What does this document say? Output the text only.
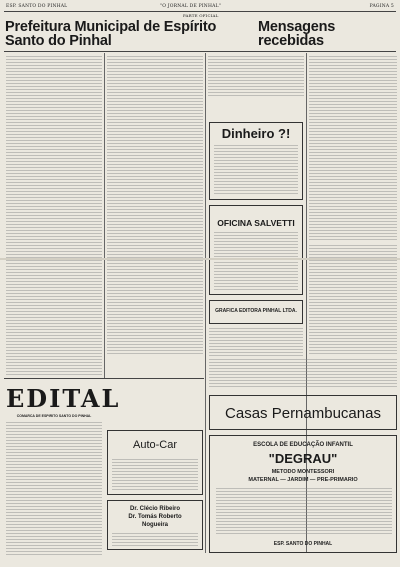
ESP. SANTO DO PINHAL	"O JORNAL DE PINHAL"	PAGINA 5
PARTE OFICIAL
Prefeitura Municipal de Espírito Santo do Pinhal
Mensagens recebidas
Dinheiro ?!
OFICINA SALVETTI
GRAFICA EDITORA PINHAL LTDA.
EDITAL
COMARCA DE ESPIRITO SANTO DO PINHAL	Casas Pernambucanas
Auto-Car
Dr. Clécio Ribeiro
Dr. Tomás Roberto
Nogueira
ESCOLA DE EDUCAÇÃO INFANTIL
"DEGRAU"
METODO MONTESSORI
MATERNAL — JARDIM — PRE-PRIMARIO
ESP. SANTO DO PINHAL
